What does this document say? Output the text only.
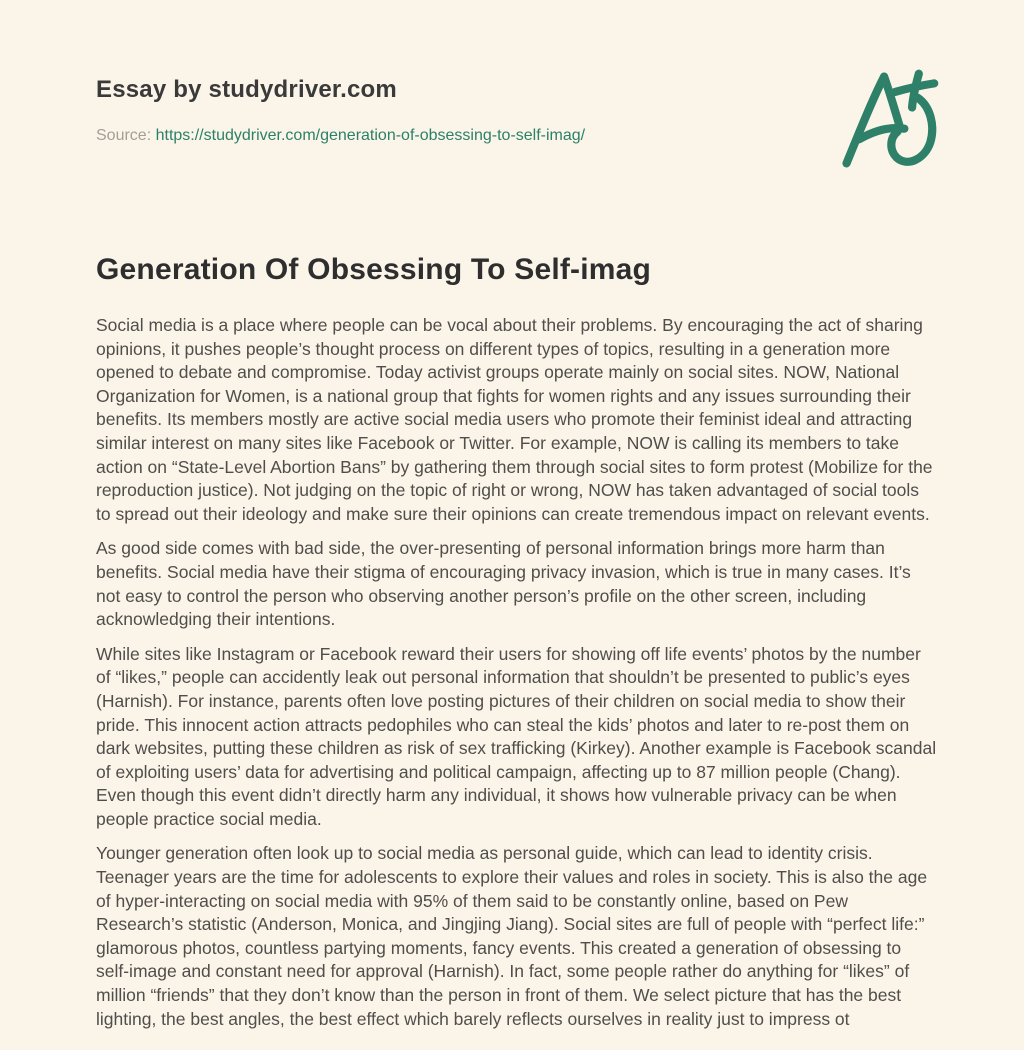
Essay by studydriver.com

Source: https://studydriver.com/generation-of-obsessing-to-self-imag/

Generation Of Obsessing To Self-imag

Social media is a place where people can be vocal about their problems. By encouraging the act of sharing opinions, it pushes people’s thought process on different types of topics, resulting in a generation more opened to debate and compromise. Today activist groups operate mainly on social sites. NOW, National Organization for Women, is a national group that fights for women rights and any issues surrounding their benefits. Its members mostly are active social media users who promote their feminist ideal and attracting similar interest on many sites like Facebook or Twitter. For example, NOW is calling its members to take action on “State-Level Abortion Bans” by gathering them through social sites to form protest (Mobilize for the reproduction justice). Not judging on the topic of right or wrong, NOW has taken advantaged of social tools to spread out their ideology and make sure their opinions can create tremendous impact on relevant events.

As good side comes with bad side, the over-presenting of personal information brings more harm than benefits. Social media have their stigma of encouraging privacy invasion, which is true in many cases. It’s not easy to control the person who observing another person’s profile on the other screen, including acknowledging their intentions.

While sites like Instagram or Facebook reward their users for showing off life events’ photos by the number of “likes,” people can accidently leak out personal information that shouldn’t be presented to public’s eyes (Harnish). For instance, parents often love posting pictures of their children on social media to show their pride. This innocent action attracts pedophiles who can steal the kids’ photos and later to re-post them on dark websites, putting these children as risk of sex trafficking (Kirkey). Another example is Facebook scandal of exploiting users’ data for advertising and political campaign, affecting up to 87 million people (Chang). Even though this event didn’t directly harm any individual, it shows how vulnerable privacy can be when people practice social media.

Younger generation often look up to social media as personal guide, which can lead to identity crisis. Teenager years are the time for adolescents to explore their values and roles in society. This is also the age of hyper-interacting on social media with 95% of them said to be constantly online, based on Pew Research’s statistic (Anderson, Monica, and Jingjing Jiang). Social sites are full of people with “perfect life:” glamorous photos, countless partying moments, fancy events. This created a generation of obsessing to self-image and constant need for approval (Harnish). In fact, some people rather do anything for “likes” of million “friends” that they don’t know than the person in front of them. We select picture that has the best lighting, the best angles, the best effect which barely reflects ourselves in reality just to impress ot
